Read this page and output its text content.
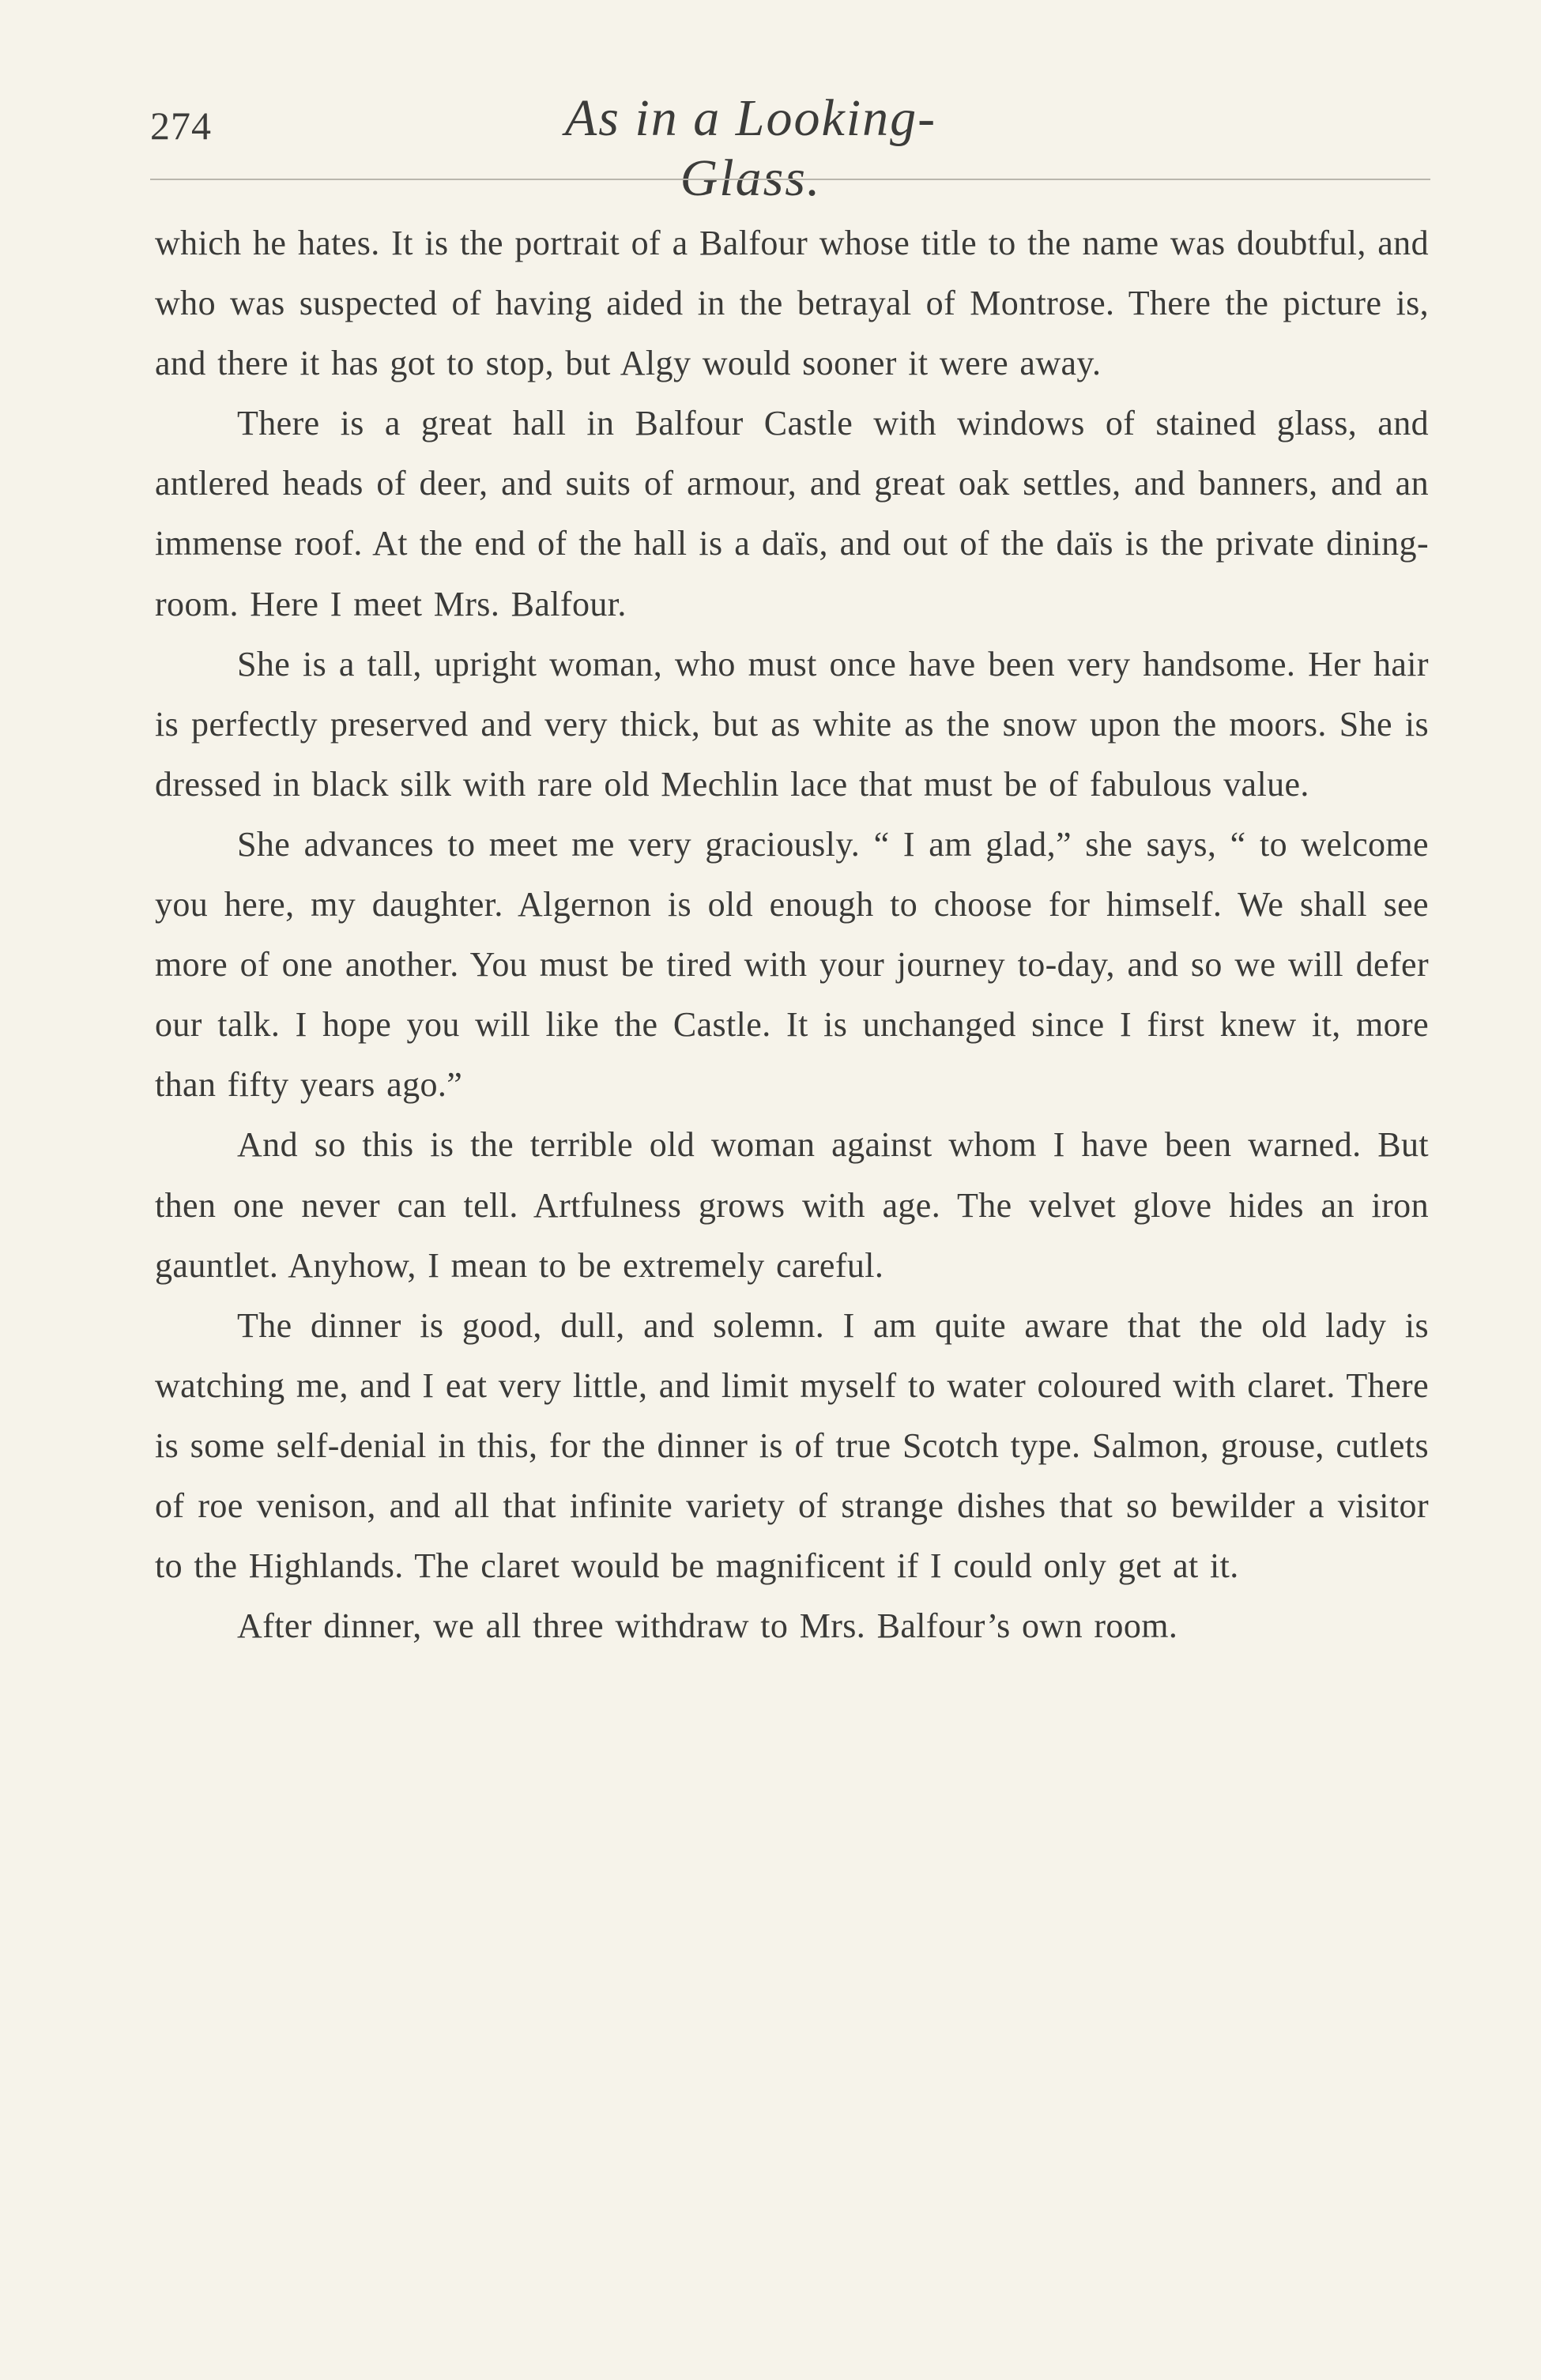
274	As in a Looking-Glass.

which he hates. It is the portrait of a Balfour whose title to the name was doubtful, and who was suspected of having aided in the betrayal of Montrose. There the picture is, and there it has got to stop, but Algy would sooner it were away.

There is a great hall in Balfour Castle with windows of stained glass, and antlered heads of deer, and suits of armour, and great oak settles, and banners, and an immense roof. At the end of the hall is a daïs, and out of the daïs is the private dining-room. Here I meet Mrs. Balfour.

She is a tall, upright woman, who must once have been very handsome. Her hair is perfectly preserved and very thick, but as white as the snow upon the moors. She is dressed in black silk with rare old Mechlin lace that must be of fabulous value.

She advances to meet me very graciously. “ I am glad,” she says, “ to welcome you here, my daughter. Algernon is old enough to choose for himself. We shall see more of one another. You must be tired with your journey to-day, and so we will defer our talk. I hope you will like the Castle. It is unchanged since I first knew it, more than fifty years ago.”

And so this is the terrible old woman against whom I have been warned. But then one never can tell. Artfulness grows with age. The velvet glove hides an iron gauntlet. Anyhow, I mean to be extremely careful.

The dinner is good, dull, and solemn. I am quite aware that the old lady is watching me, and I eat very little, and limit myself to water coloured with claret. There is some self-denial in this, for the dinner is of true Scotch type. Salmon, grouse, cutlets of roe venison, and all that infinite variety of strange dishes that so bewilder a visitor to the Highlands. The claret would be magnificent if I could only get at it.

After dinner, we all three withdraw to Mrs. Balfour’s own room.
